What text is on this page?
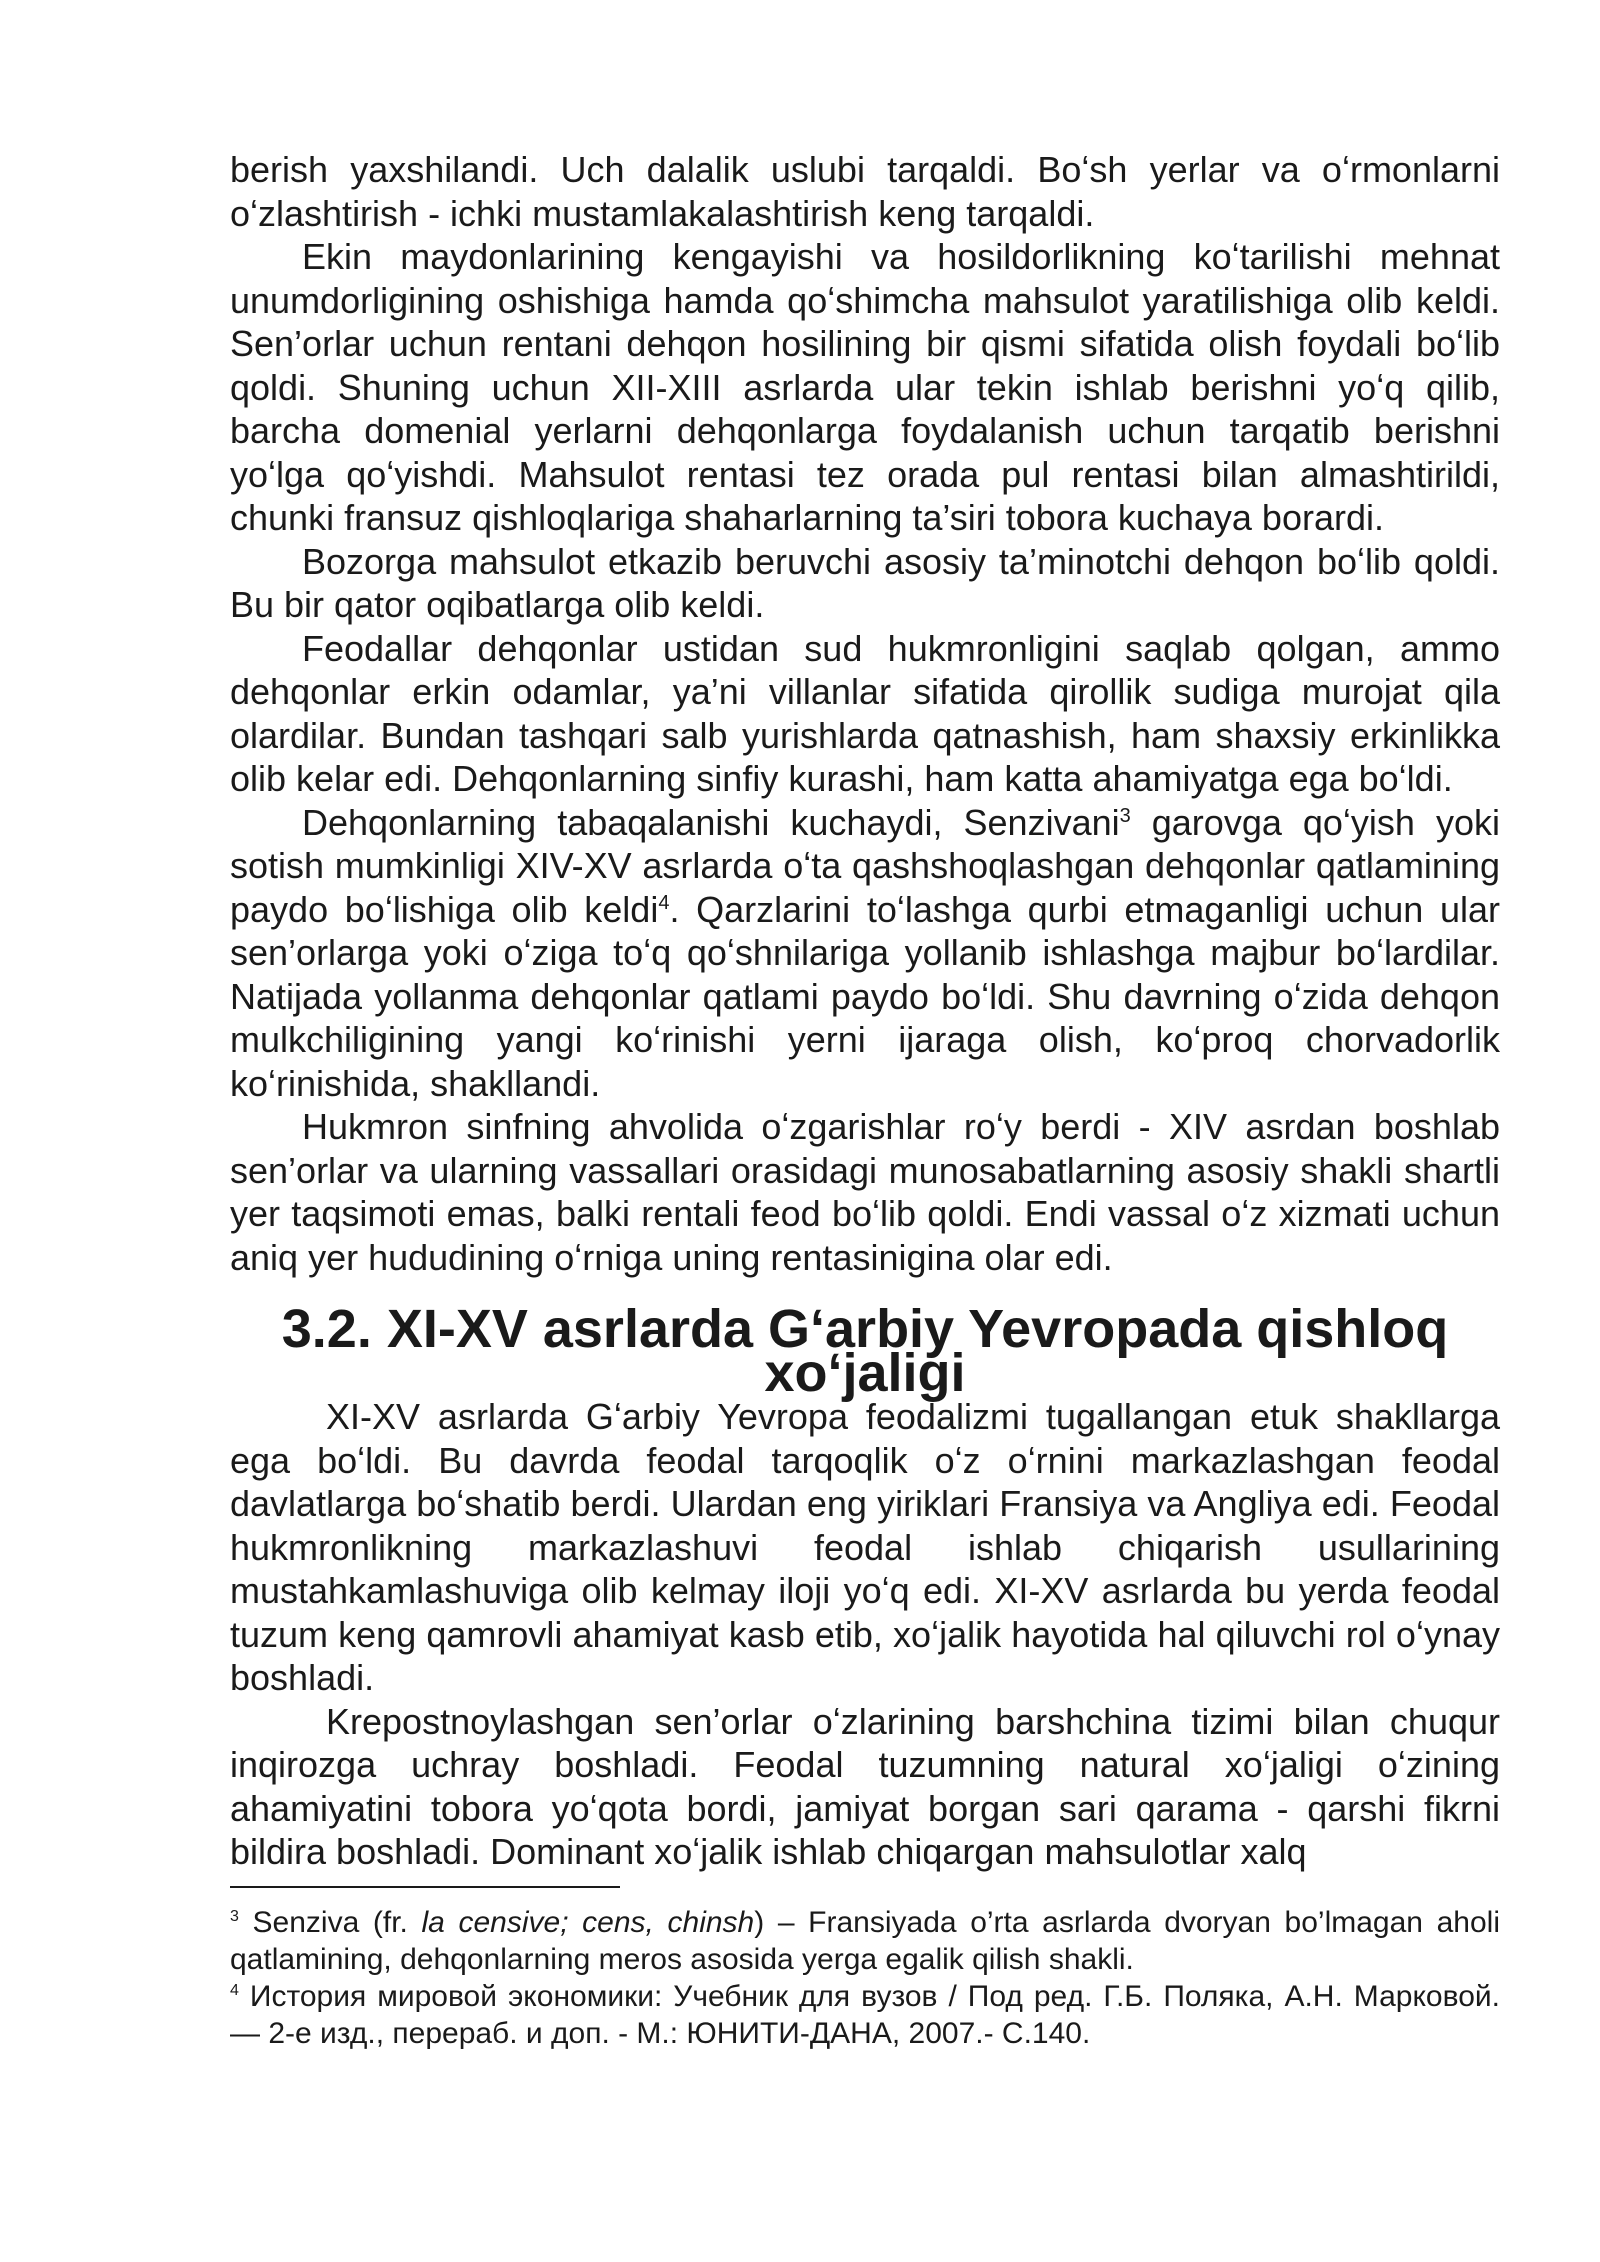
berish yaxshilandi. Uch dalalik uslubi tarqaldi. Boʻsh yerlar va oʻrmonlarni oʻzlashtirish - ichki mustamlakalashtirish keng tarqaldi.

Ekin maydonlarining kengayishi va hosildorlikning koʻtarilishi mehnat unumdorligining oshishiga hamda qoʻshimcha mahsulot yaratilishiga olib keldi. Sen’orlar uchun rentani dehqon hosilining bir qismi sifatida olish foydali boʻlib qoldi. Shuning uchun XII-XIII asrlarda ular tekin ishlab berishni yoʻq qilib, barcha domenial yerlarni dehqonlarga foydalanish uchun tarqatib berishni yoʻlga qoʻyishdi. Mahsulot rentasi tez orada pul rentasi bilan almashtirildi, chunki fransuz qishloqlariga shaharlarning ta’siri tobora kuchaya borardi.

Bozorga mahsulot etkazib beruvchi asosiy ta’minotchi dehqon boʻlib qoldi. Bu bir qator oqibatlarga olib keldi.

Feodallar dehqonlar ustidan sud hukmronligini saqlab qolgan, ammo dehqonlar erkin odamlar, ya’ni villanlar sifatida qirollik sudiga murojat qila olardilar. Bundan tashqari salb yurishlarda qatnashish, ham shaxsiy erkinlikka olib kelar edi. Dehqonlarning sinfiy kurashi, ham katta ahamiyatga ega boʻldi.

Dehqonlarning tabaqalanishi kuchaydi, Senzivani$^3$ garovga qoʻyish yoki sotish mumkinligi XIV-XV asrlarda oʻta qashshoqlashgan dehqonlar qatlamining paydo boʻlishiga olib keldi$^4$. Qarzlarini toʻlashga qurbi etmaganligi uchun ular sen’orlarga yoki oʻziga toʻq qoʻshnilariga yollanib ishlashga majbur boʻlardilar. Natijada yollanma dehqonlar qatlami paydo boʻldi. Shu davrning oʻzida dehqon mulkchiligining yangi koʻrinishi yerni ijaraga olish, koʻproq chorvadorlik koʻrinishida, shakllandi.

Hukmron sinfning ahvolida oʻzgarishlar roʻy berdi - XIV asrdan boshlab sen’orlar va ularning vassallari orasidagi munosabatlarning asosiy shakli shartli yer taqsimoti emas, balki rentali feod boʻlib qoldi. Endi vassal oʻz xizmati uchun aniq yer hududining oʻrniga uning rentasinigina olar edi.

3.2. XI-XV asrlarda Gʻarbiy Yevropada qishloq xoʻjaligi

XI-XV asrlarda Gʻarbiy Yevropa feodalizmi tugallangan etuk shakllarga ega boʻldi. Bu davrda feodal tarqoqlik oʻz oʻrnini markazlashgan feodal davlatlarga boʻshatib berdi. Ulardan eng yiriklari Fransiya va Angliya edi. Feodal hukmronlikning markazlashuvi feodal ishlab chiqarish usullarining mustahkamlashuviga olib kelmay iloji yoʻq edi. XI-XV asrlarda bu yerda feodal tuzum keng qamrovli ahamiyat kasb etib, xoʻjalik hayotida hal qiluvchi rol oʻynay boshladi.

Krepostnoylashgan sen’orlar oʻzlarining barshchina tizimi bilan chuqur inqirozga uchray boshladi. Feodal tuzumning natural xoʻjaligi oʻzining ahamiyatini tobora yoʻqota bordi, jamiyat borgan sari qarama - qarshi fikrni bildira boshladi. Dominant xoʻjalik ishlab chiqargan mahsulotlar xalq

$^3$ Senziva (fr. la censive; cens, chinsh) – Fransiyada o’rta asrlarda dvoryan bo’lmagan aholi qatlamining, dehqonlarning meros asosida yerga egalik qilish shakli.

$^4$ История мировой экономики: Учебник для вузов / Под ред. Г.Б. Поляка, А.Н. Марковой. — 2-е изд., перераб. и доп. - М.: ЮНИТИ-ДАНА, 2007.- С.140.
